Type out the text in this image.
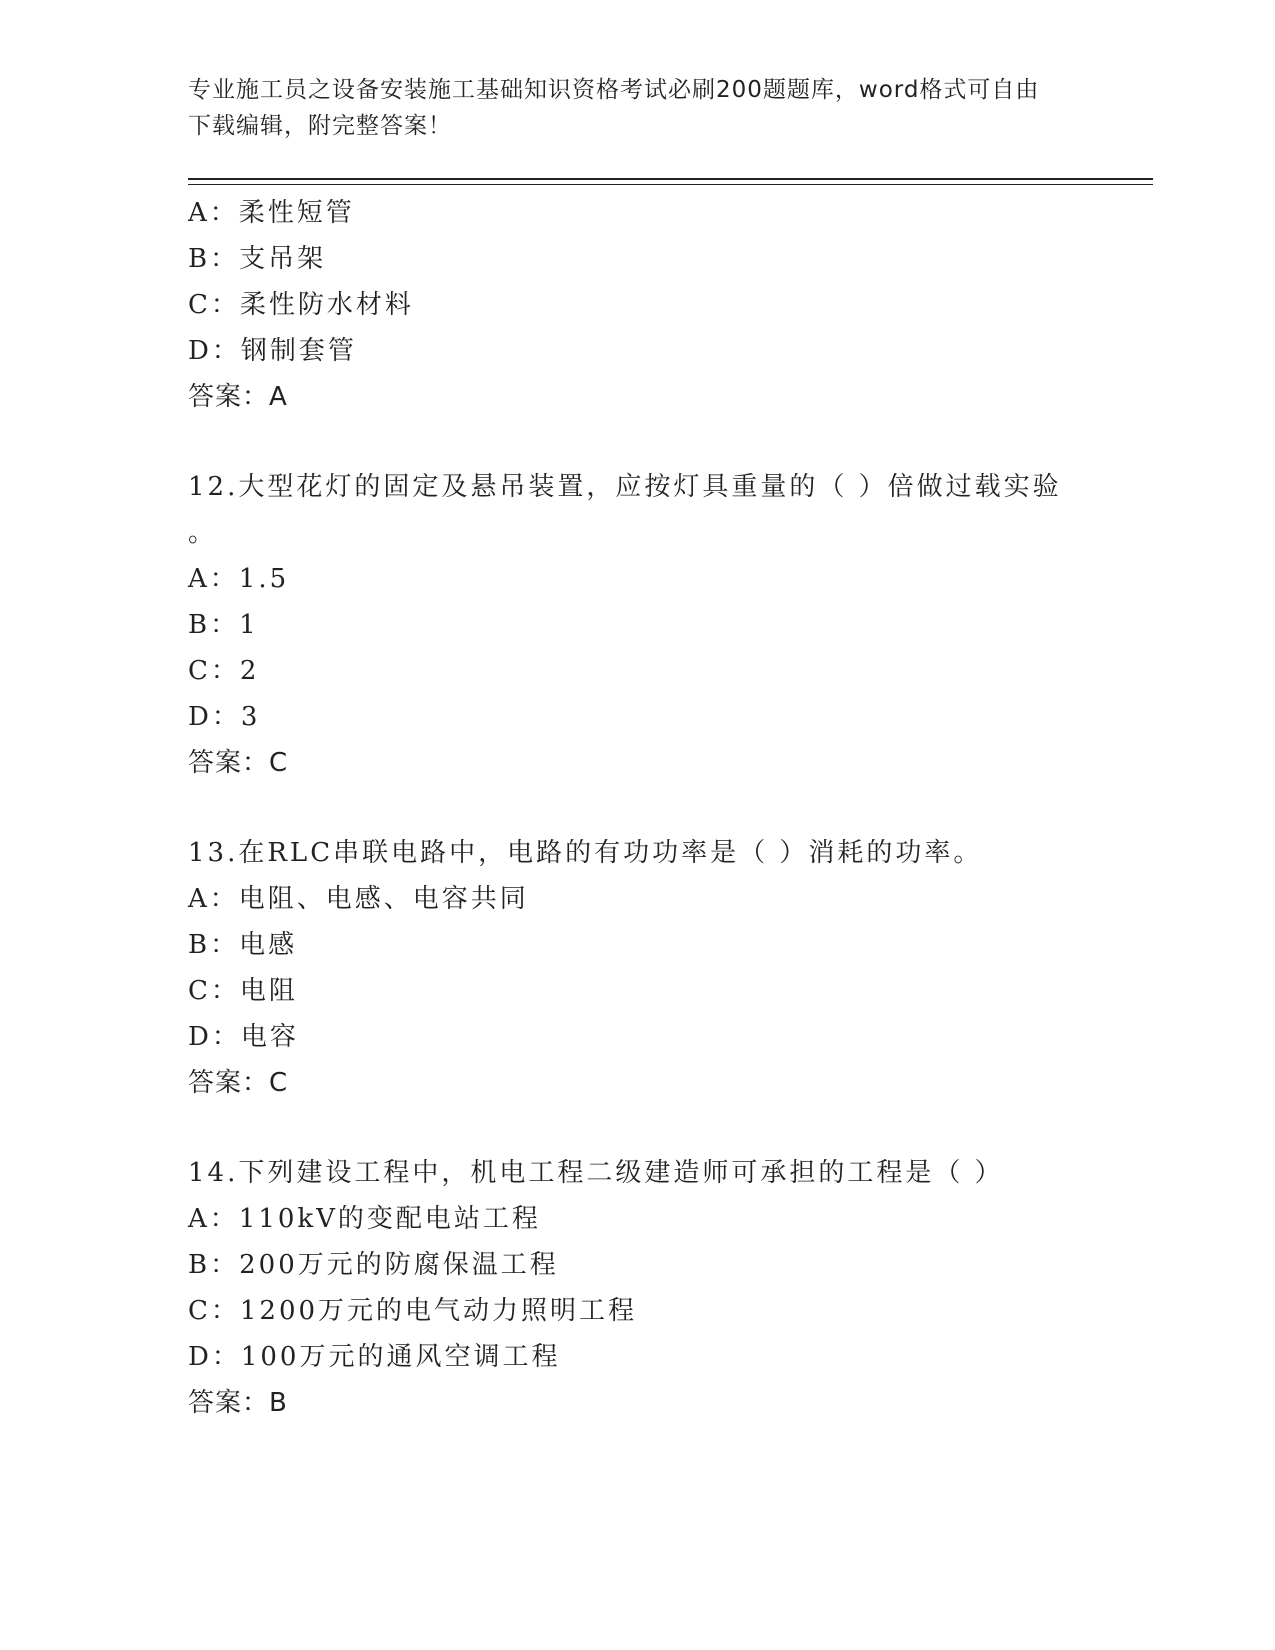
专业施工员之设备安装施工基础知识资格考试必刷200题题库，word格式可自由
下载编辑，附完整答案！
A：柔性短管
B：支吊架
C：柔性防水材料
D：钢制套管
答案：A
12.大型花灯的固定及悬吊装置，应按灯具重量的（ ）倍做过载实验
。
A：1.5
B：1
C：2
D：3
答案：C
13.在RLC串联电路中，电路的有功功率是（ ）消耗的功率。
A：电阻、电感、电容共同
B：电感
C：电阻
D：电容
答案：C
14.下列建设工程中，机电工程二级建造师可承担的工程是（ ）
A：110kV的变配电站工程
B：200万元的防腐保温工程
C：1200万元的电气动力照明工程
D：100万元的通风空调工程
答案：B
